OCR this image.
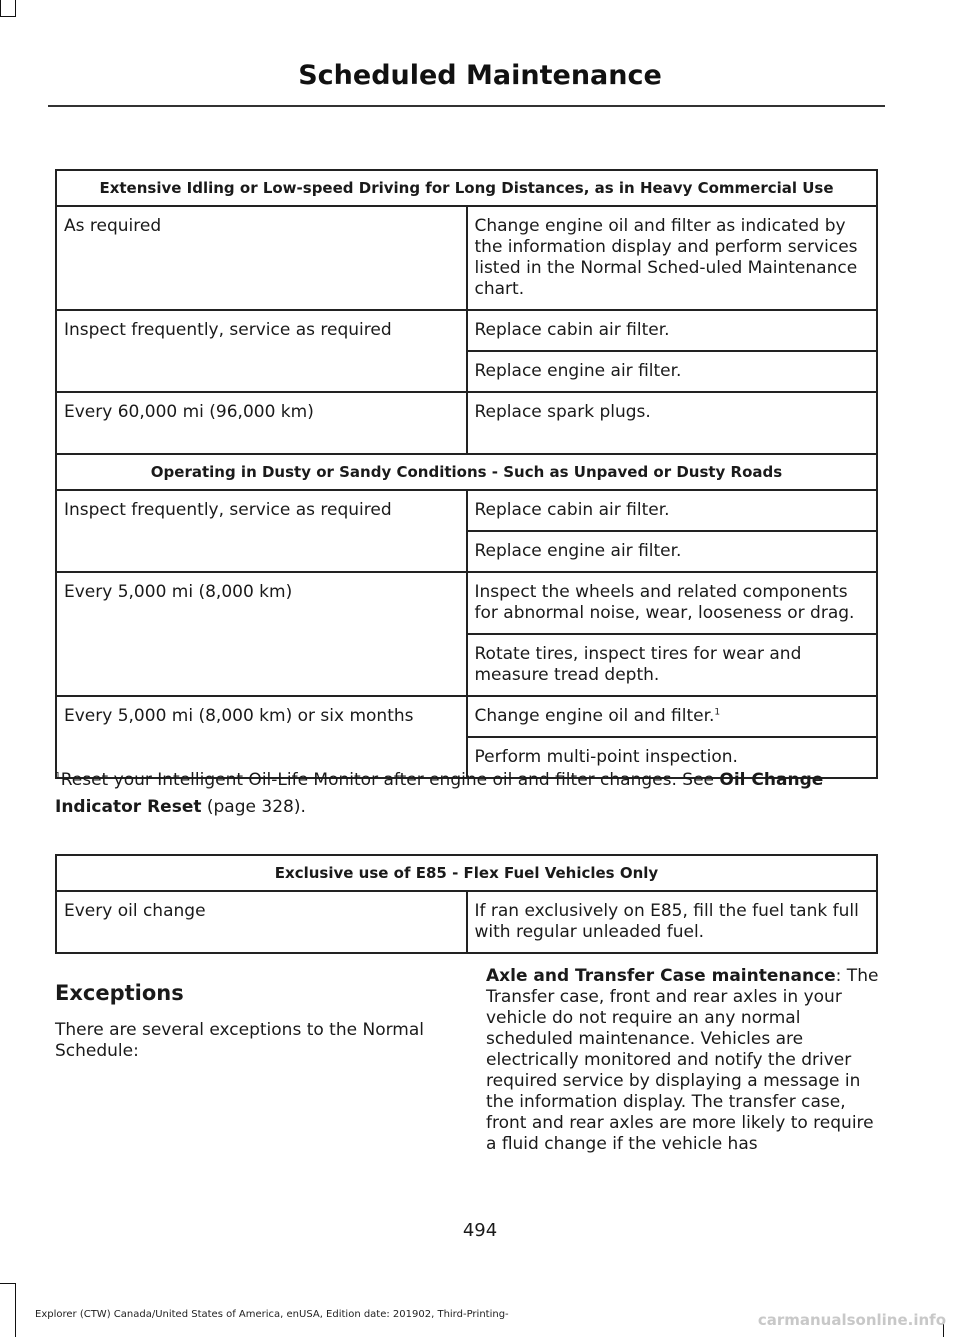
Scheduled Maintenance
Extensive Idling or Low-speed Driving for Long Distances, as in Heavy Commercial Use	
As required	Change engine oil and filter as indicated by the information display and perform services listed in the Normal Sched-uled Maintenance chart.
Inspect frequently, service as required	Replace cabin air filter.
	Replace engine air filter.
Every 60,000 mi (96,000 km)	Replace spark plugs.
Operating in Dusty or Sandy Conditions - Such as Unpaved or Dusty Roads	
Inspect frequently, service as required	Replace cabin air filter.
	Replace engine air filter.
Every 5,000 mi (8,000 km)	Inspect the wheels and related components for abnormal noise, wear, looseness or drag.
	Rotate tires, inspect tires for wear and measure tread depth.
Every 5,000 mi (8,000 km) or six months	Change engine oil and filter.$^1$
	Perform multi-point inspection.
$^1$Reset your Intelligent Oil-Life Monitor after engine oil and filter changes. See Oil Change Indicator Reset (page 328).
Exclusive use of E85 - Flex Fuel Vehicles Only
Every oil change	If ran exclusively on E85, fill the fuel tank full with regular unleaded fuel.
Exceptions
There are several exceptions to the Normal Schedule:
Axle and Transfer Case maintenance: The Transfer case, front and rear axles in your vehicle do not require an any normal scheduled maintenance. Vehicles are electrically monitored and notify the driver required service by displaying a message in the information display. The transfer case, front and rear axles are more likely to require a fluid change if the vehicle has
494
Explorer (CTW) Canada/United States of America, enUSA, Edition date: 201902, Third-Printing-	carmanualsonline.info
